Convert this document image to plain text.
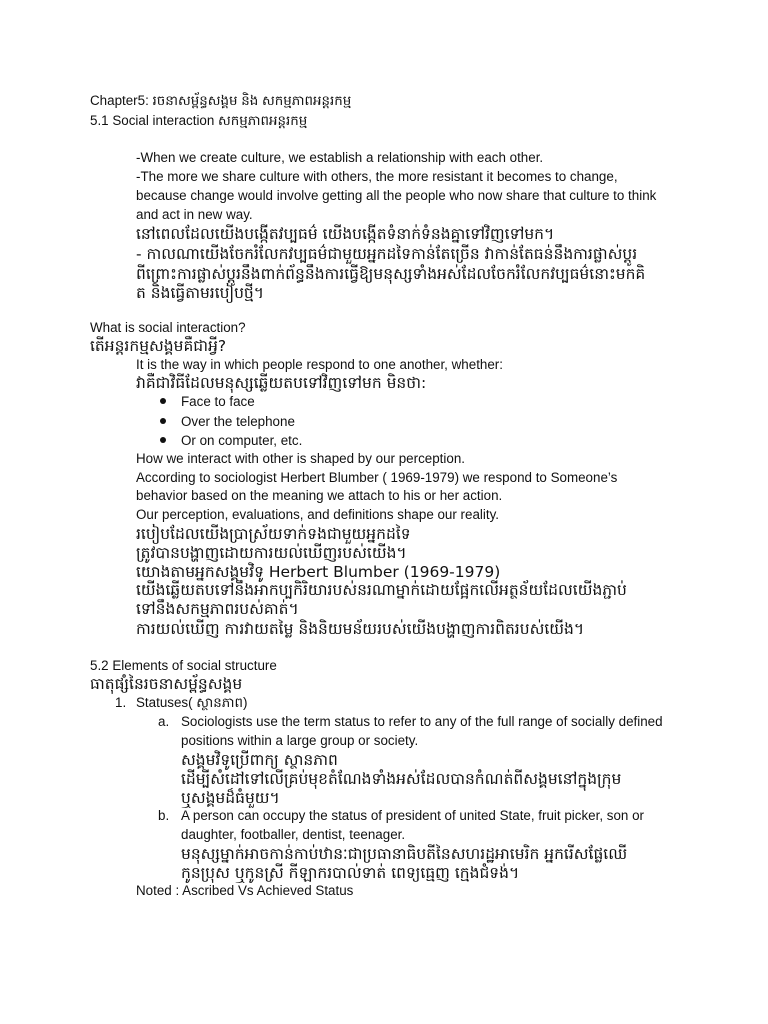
Chapter5: រចនាសម្ព័ន្ធសង្គម និង សកម្មភាពអន្តរកម្ម
5.1 Social interaction សកម្មភាពអន្តរកម្ម
-When we create culture, we establish a relationship with each other.
-The more we share culture with others, the more resistant it becomes to change,
because change would involve getting all the people who now share that culture to think
and act in new way.
នៅពេលដែលយើងបង្កើតវប្បធម៌ យើងបង្កើតទំនាក់ទំនងគ្នាទៅវិញទៅមក។
- កាលណាយើងចែករំលែកវប្បធម៌ជាមួយអ្នកដទៃកាន់តែច្រើន វាកាន់តែធន់នឹងការផ្លាស់ប្តូរ
ពីព្រោះការផ្លាស់ប្តូរនឹងពាក់ព័ន្ធនឹងការធ្វើឱ្យមនុស្សទាំងអស់ដែលចែករំលែកវប្បធម៌នោះមកគិ
ត និងធ្វើតាមរបៀបថ្មី។
What is social interaction?
តើអន្តរកម្មសង្គមគឺជាអ្វី?
It is the way in which people respond to one another, whether:
វាគឺជាវិធីដែលមនុស្សឆ្លើយតបទៅវិញទៅមក មិនថា:
Face to face
Over the telephone
Or on computer, etc.
How we interact with other is shaped by our perception.
According to sociologist Herbert Blumber ( 1969-1979) we respond to Someone’s
behavior based on the meaning we attach to his or her action.
Our perception, evaluations, and definitions shape our reality.
របៀបដែលយើងប្រាស្រ័យទាក់ទងជាមួយអ្នកដទៃ
ត្រូវបានបង្ហាញដោយការយល់ឃើញរបស់យើង។
យោងតាមអ្នកសង្គមវិទូ Herbert Blumber (1969-1979)
យើងឆ្លើយតបទៅនឹងអាកប្បកិរិយារបស់នរណាម្នាក់ដោយផ្អែកលើអត្ថន័យដែលយើងភ្ជាប់
ទៅនឹងសកម្មភាពរបស់គាត់។
ការយល់ឃើញ ការវាយតម្លៃ និងនិយមន័យរបស់យើងបង្ហាញការពិតរបស់យើង។
5.2 Elements of social structure
ធាតុផ្សំនៃរចនាសម្ព័ន្ធសង្គម
1. Statuses( ស្ថានភាព)
a. Sociologists use the term status to refer to any of the full range of socially defined
positions within a large group or society.
សង្គមវិទូប្រើពាក្យ ស្ថានភាព
ដើម្បីសំដៅទៅលើគ្រប់មុខតំណែងទាំងអស់ដែលបានកំណត់ពីសង្គមនៅក្នុងក្រុម
ឬសង្គមដ៏ធំមួយ។
b. A person can occupy the status of president of united State, fruit picker, son or
daughter, footballer, dentist, teenager.
មនុស្សម្នាក់អាចកាន់កាប់ឋានៈជាប្រធានាធិបតីនៃសហរដ្ឋអាមេរិក អ្នករើសផ្លែឈើ
កូនប្រុស ឬកូនស្រី កីឡាករបាល់ទាត់ ពេទ្យធ្មេញ ក្មេងជំទង់។
Noted : Ascribed Vs Achieved Status
